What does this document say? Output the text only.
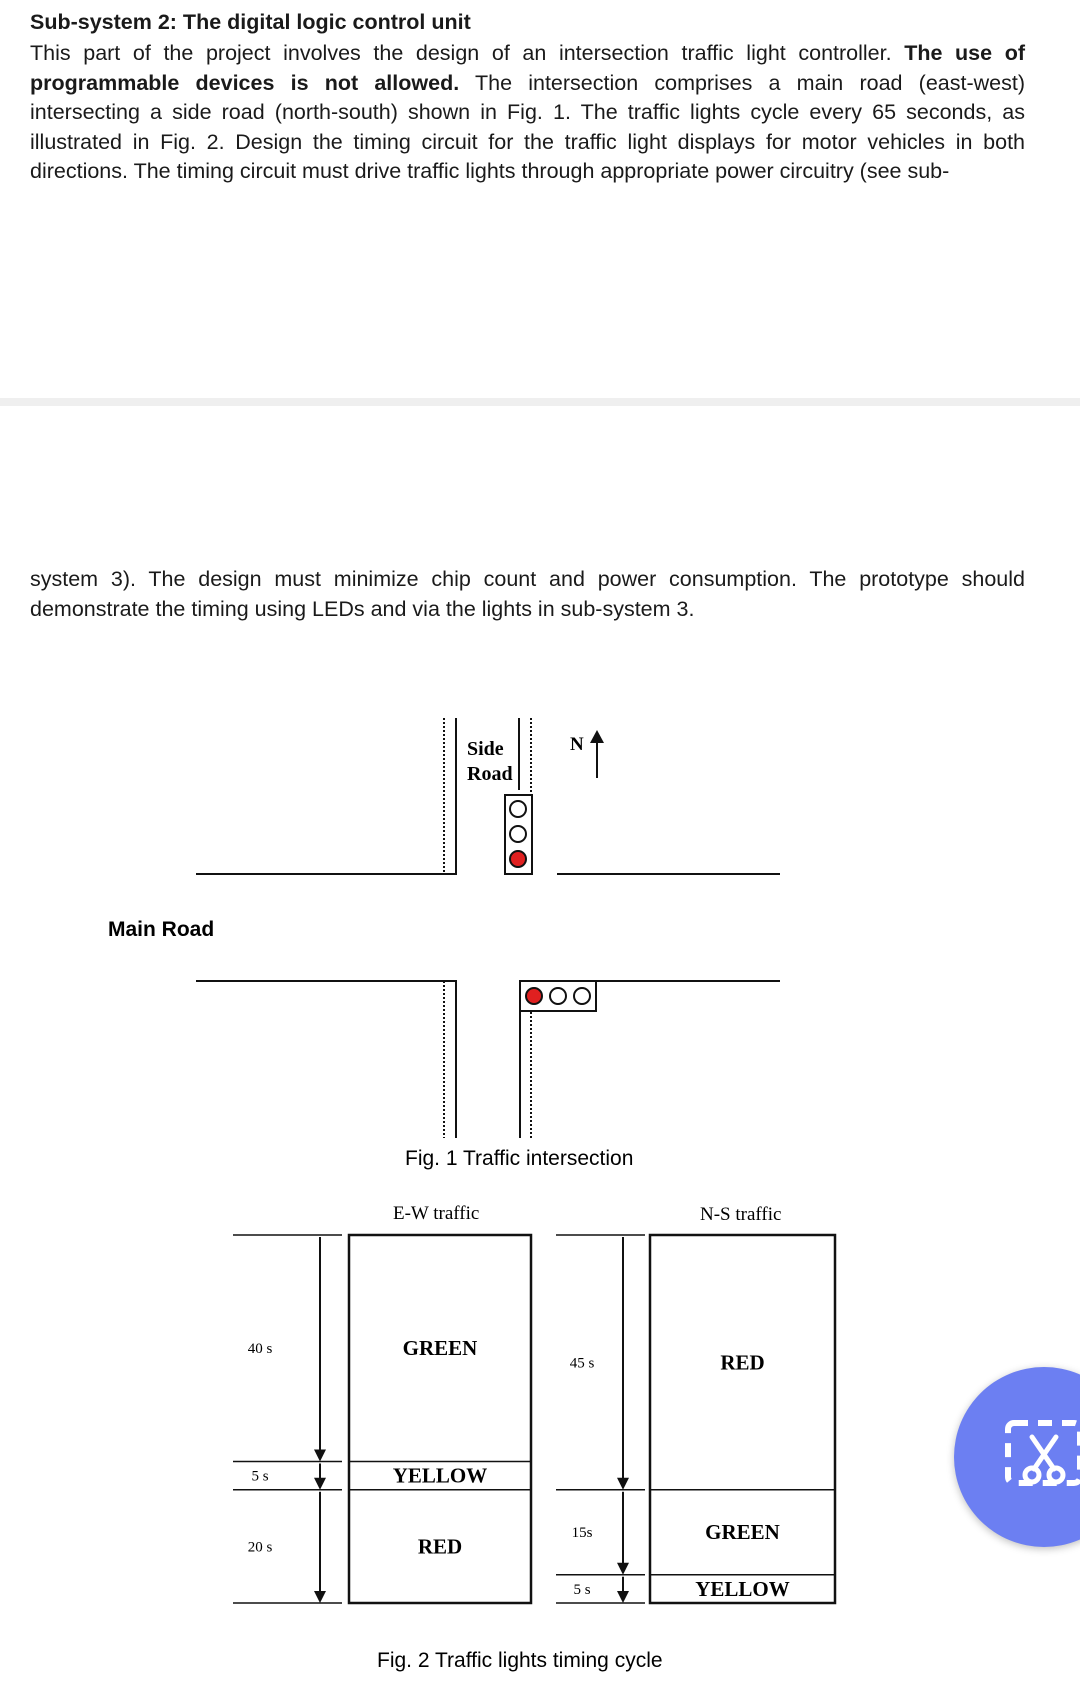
Sub-system 2: The digital logic control unit

This part of the project involves the design of an intersection traffic light controller. The use of programmable devices is not allowed. The intersection comprises a main road (east-west) intersecting a side road (north-south) shown in Fig. 1. The traffic lights cycle every 65 seconds, as illustrated in Fig. 2. Design the timing circuit for the traffic light displays for motor vehicles in both directions. The timing circuit must drive traffic lights through appropriate power circuitry (see sub-

system 3). The design must minimize chip count and power consumption. The prototype should demonstrate the timing using LEDs and via the lights in sub-system 3.

Side
Road
N
Main Road
Fig. 1 Traffic intersection
E-W traffic	N-S traffic
40 s	GREEN
5 s	YELLOW
20 s	RED
45 s	RED
15s	GREEN
5 s	YELLOW
Fig. 2 Traffic lights timing cycle
